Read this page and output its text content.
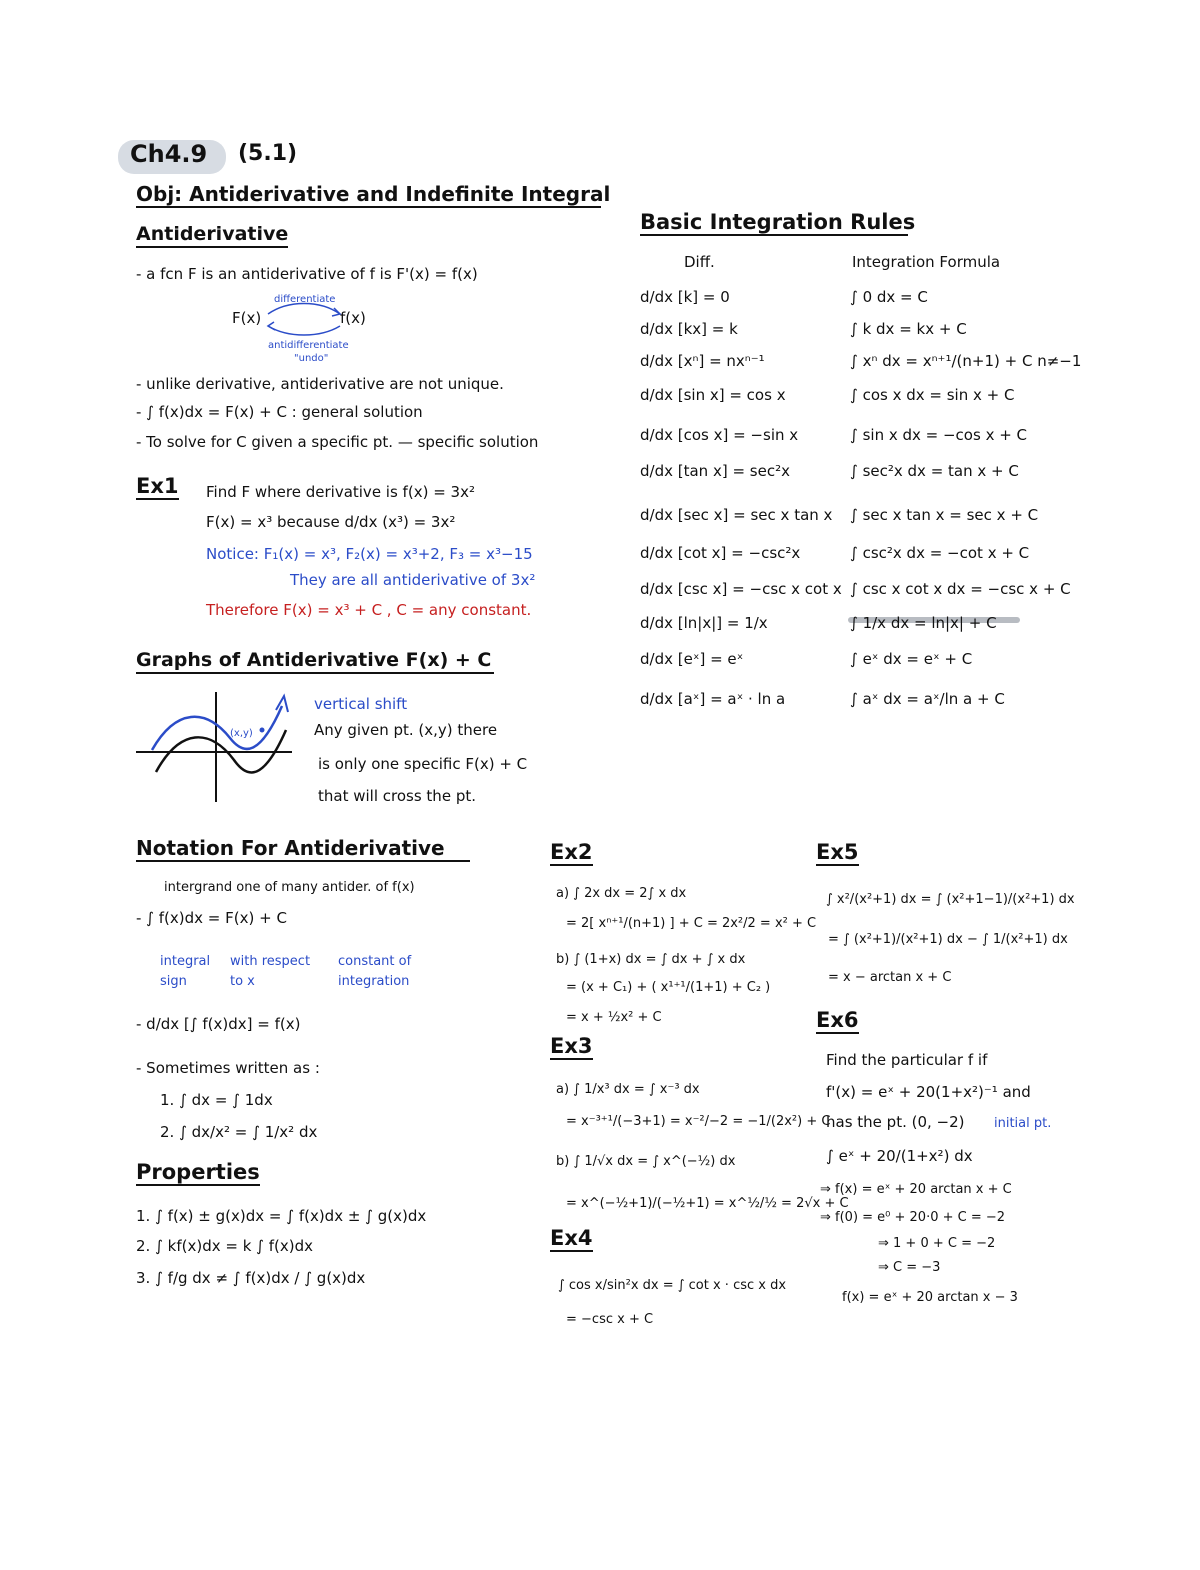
Ch4.9 (5.1)
Obj: Antiderivative and Indefinite Integral
Antiderivative
- a fcn F is an antiderivative of f is F'(x) = f(x)
F(x)	f(x)
differentiate
antidifferentiate
"undo"
- unlike derivative, antiderivative are not unique.
- ∫ f(x)dx = F(x) + C : general solution
- To solve for C given a specific pt. — specific solution
Ex1 Find F where derivative is f(x) = 3x²
F(x) = x³ because d/dx (x³) = 3x²
Notice: F₁(x) = x³, F₂(x) = x³+2, F₃ = x³−15
They are all antiderivative of 3x²
Therefore F(x) = x³ + C , C = any constant.
Graphs of Antiderivative F(x) + C
(x,y)
vertical shift
Any given pt. (x,y) there
is only one specific F(x) + C
that will cross the pt.
Notation For Antiderivative
intergrand one of many antider. of f(x)
- ∫ f(x)dx = F(x) + C
integral sign
with respect to x
constant of integration
- d/dx [∫ f(x)dx] = f(x)
- Sometimes written as :
1. ∫ dx = ∫ 1dx
2. ∫ dx/x² = ∫ 1/x² dx
Properties
1. ∫ f(x) ± g(x)dx = ∫ f(x)dx ± ∫ g(x)dx
2. ∫ kf(x)dx = k ∫ f(x)dx
3. ∫ f/g dx ≠ ∫ f(x)dx / ∫ g(x)dx
Basic Integration Rules
Diff.	Integration Formula
d/dx [k] = 0	∫ 0 dx = C
d/dx [kx] = k	∫ k dx = kx + C
d/dx [xⁿ] = nxⁿ⁻¹	∫ xⁿ dx = xⁿ⁺¹/(n+1) + C n≠−1
d/dx [sin x] = cos x	∫ cos x dx = sin x + C
d/dx [cos x] = −sin x	∫ sin x dx = −cos x + C
d/dx [tan x] = sec²x	∫ sec²x dx = tan x + C
d/dx [sec x] = sec x tan x ∫ sec x tan x = sec x + C
d/dx [cot x] = −csc²x	∫ csc²x dx = −cot x + C
d/dx [csc x] = −csc x cot x ∫ csc x cot x dx = −csc x + C
d/dx [ln|x|] = 1/x	∫ 1/x dx = ln|x| + C
d/dx [eˣ] = eˣ	∫ eˣ dx = eˣ + C
d/dx [aˣ] = aˣ · ln a	∫ aˣ dx = aˣ/ln a + C
Ex2
a) ∫ 2x dx = 2∫ x dx
= 2[ xⁿ⁺¹/(n+1) ] + C = 2x²/2 = x² + C
b) ∫ (1+x) dx = ∫ dx + ∫ x dx
= (x + C₁) + ( x¹⁺¹/(1+1) + C₂ )
= x + ½x² + C
Ex3
a) ∫ 1/x³ dx = ∫ x⁻³ dx
= x⁻³⁺¹/(−3+1) = x⁻²/−2 = −1/(2x²) + C
b) ∫ 1/√x dx = ∫ x^(−½) dx
= x^(−½+1)/(−½+1) = x^½/½ = 2√x + C
Ex4
∫ cos x/sin²x dx = ∫ cot x · csc x dx
= −csc x + C
Ex5
∫ x²/(x²+1) dx = ∫ (x²+1−1)/(x²+1) dx
= ∫ (x²+1)/(x²+1) dx − ∫ 1/(x²+1) dx
= x − arctan x + C
Ex6
Find the particular f if
f'(x) = eˣ + 20(1+x²)⁻¹ and
has the pt. (0, −2) initial pt.
∫ eˣ + 20/(1+x²) dx
⇒ f(x) = eˣ + 20 arctan x + C
⇒ f(0) = e⁰ + 20·0 + C = −2
⇒ 1 + 0 + C = −2
⇒ C = −3
f(x) = eˣ + 20 arctan x − 3
